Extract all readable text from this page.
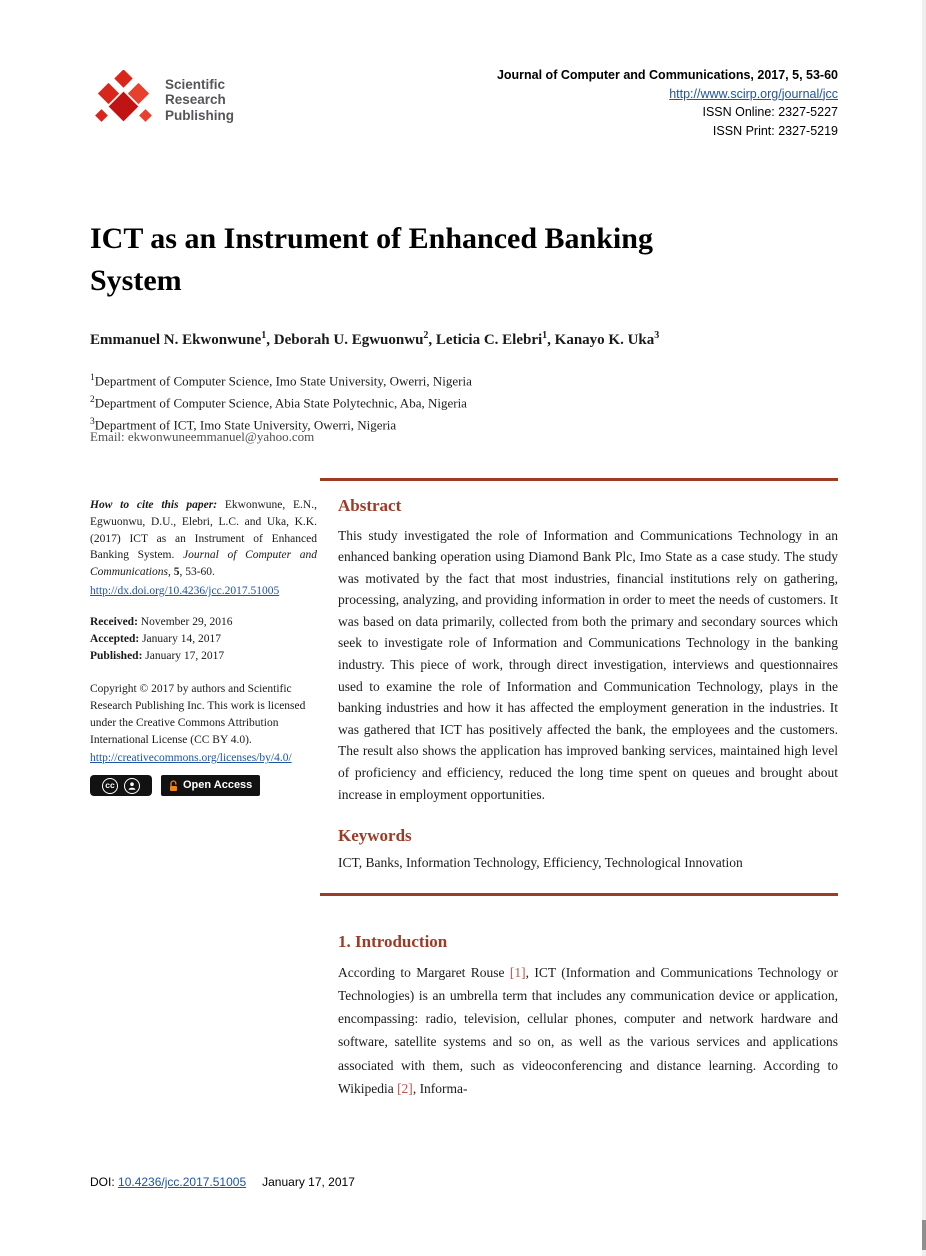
Scientific
Research
Publishing
Journal of Computer and Communications, 2017, 5, 53-60
http://www.scirp.org/journal/jcc
ISSN Online: 2327-5227
ISSN Print: 2327-5219
ICT as an Instrument of Enhanced Banking System
Emmanuel N. Ekwonwune$^1$, Deborah U. Egwuonwu$^2$, Leticia C. Elebri$^1$, Kanayo K. Uka$^3$
$^1$Department of Computer Science, Imo State University, Owerri, Nigeria
$^2$Department of Computer Science, Abia State Polytechnic, Aba, Nigeria
$^3$Department of ICT, Imo State University, Owerri, Nigeria
Email: ekwonwuneemmanuel@yahoo.com
How to cite this paper: Ekwonwune, E.N., Egwuonwu, D.U., Elebri, L.C. and Uka, K.K. (2017) ICT as an Instrument of Enhanced Banking System. Journal of Computer and Communications, 5, 53-60.
http://dx.doi.org/10.4236/jcc.2017.51005
Received: November 29, 2016
Accepted: January 14, 2017
Published: January 17, 2017
Copyright © 2017 by authors and Scientific Research Publishing Inc. This work is licensed under the Creative Commons Attribution International License (CC BY 4.0).
http://creativecommons.org/licenses/by/4.0/
cc	Open Access
Abstract
This study investigated the role of Information and Communications Technology in an enhanced banking operation using Diamond Bank Plc, Imo State as a case study. The study was motivated by the fact that most industries, financial institutions rely on gathering, processing, analyzing, and providing information in order to meet the needs of customers. It was based on data primarily, collected from both the primary and secondary sources which seek to investigate role of Information and Communications Technology in the banking industry. This piece of work, through direct investigation, interviews and questionnaires used to examine the role of Information and Communication Technology, plays in the banking industries and how it has affected the employment generation in the industries. It was gathered that ICT has positively affected the bank, the employees and the customers. The result also shows the application has improved banking services, maintained high level of proficiency and efficiency, reduced the long time spent on queues and brought about increase in employment opportunities.
Keywords
ICT, Banks, Information Technology, Efficiency, Technological Innovation
1. Introduction
According to Margaret Rouse [1], ICT (Information and Communications Technology or Technologies) is an umbrella term that includes any communication device or application, encompassing: radio, television, cellular phones, computer and network hardware and software, satellite systems and so on, as well as the various services and applications associated with them, such as videoconferencing and distance learning. According to Wikipedia [2], Informa-
DOI: 10.4236/jcc.2017.51005 January 17, 2017
